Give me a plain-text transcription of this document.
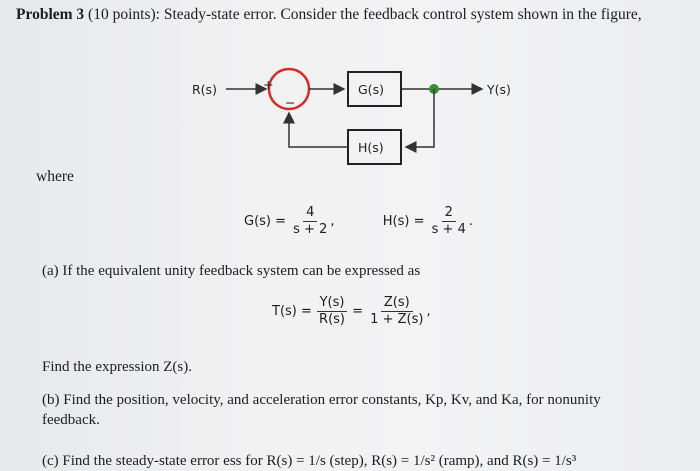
Problem 3 (10 points): Steady-state error. Consider the feedback control system shown in the figure,
R(s)	+
−
G(s)	Y(s)
H(s)
where
$G(s) = \frac{4}{s + 2}$ ,	$H(s) = \frac{2}{s + 4}$ .
(a) If the equivalent unity feedback system can be expressed as
$T(s) = \frac{Y(s)}{R(s)} = \frac{Z(s)}{1 + Z(s)}$ ,
Find the expression Z(s).
(b) Find the position, velocity, and acceleration error constants, Kp, Kv, and Ka, for nonunity feedback.
(c) Find the steady-state error ess for R(s) = 1/s (step), R(s) = 1/s² (ramp), and R(s) = 1/s³
